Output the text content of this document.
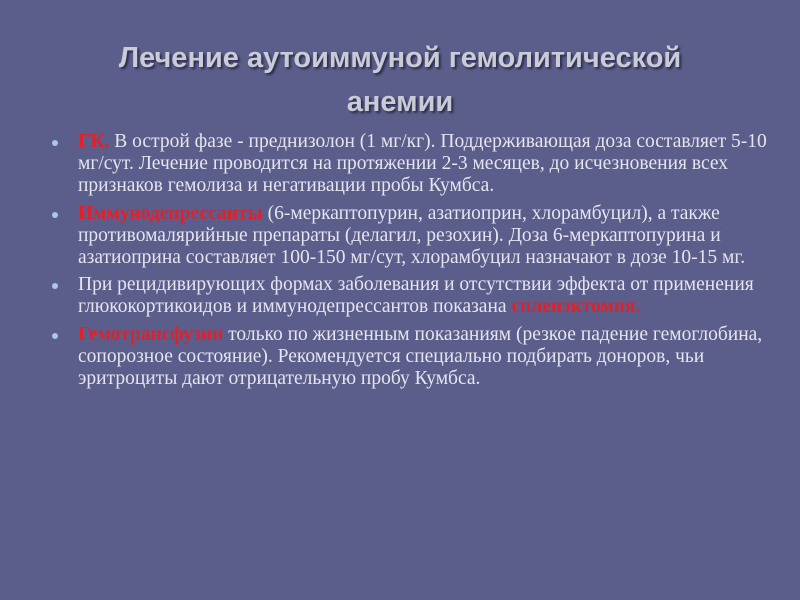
Лечение аутоиммуной гемолитической
анемии
ГК. В острой фазе - преднизолон (1 мг/кг). Поддерживающая доза составляет 5-10 мг/сут. Лечение проводится на протяжении 2-3 месяцев, до исчезновения всех признаков гемолиза и негативации пробы Кумбса.
Иммунодепрессанты (6-меркаптопурин, азатиоприн, хлорамбуцил), а также противомалярийные препараты (делагил, резохин). Доза 6-меркаптопурина и азатиоприна составляет 100-150 мг/сут, хлорамбуцил назначают в дозе 10-15 мг.
При рецидивирующих формах заболевания и отсутствии эффекта от применения глюкокортикоидов и иммунодепрессантов показана спленэктомия.
Гемотрансфузии только по жизненным показаниям (резкое падение гемоглобина, сопорозное состояние). Рекомендуется специально подбирать доноров, чьи эритроциты дают отрицательную пробу Кумбса.
